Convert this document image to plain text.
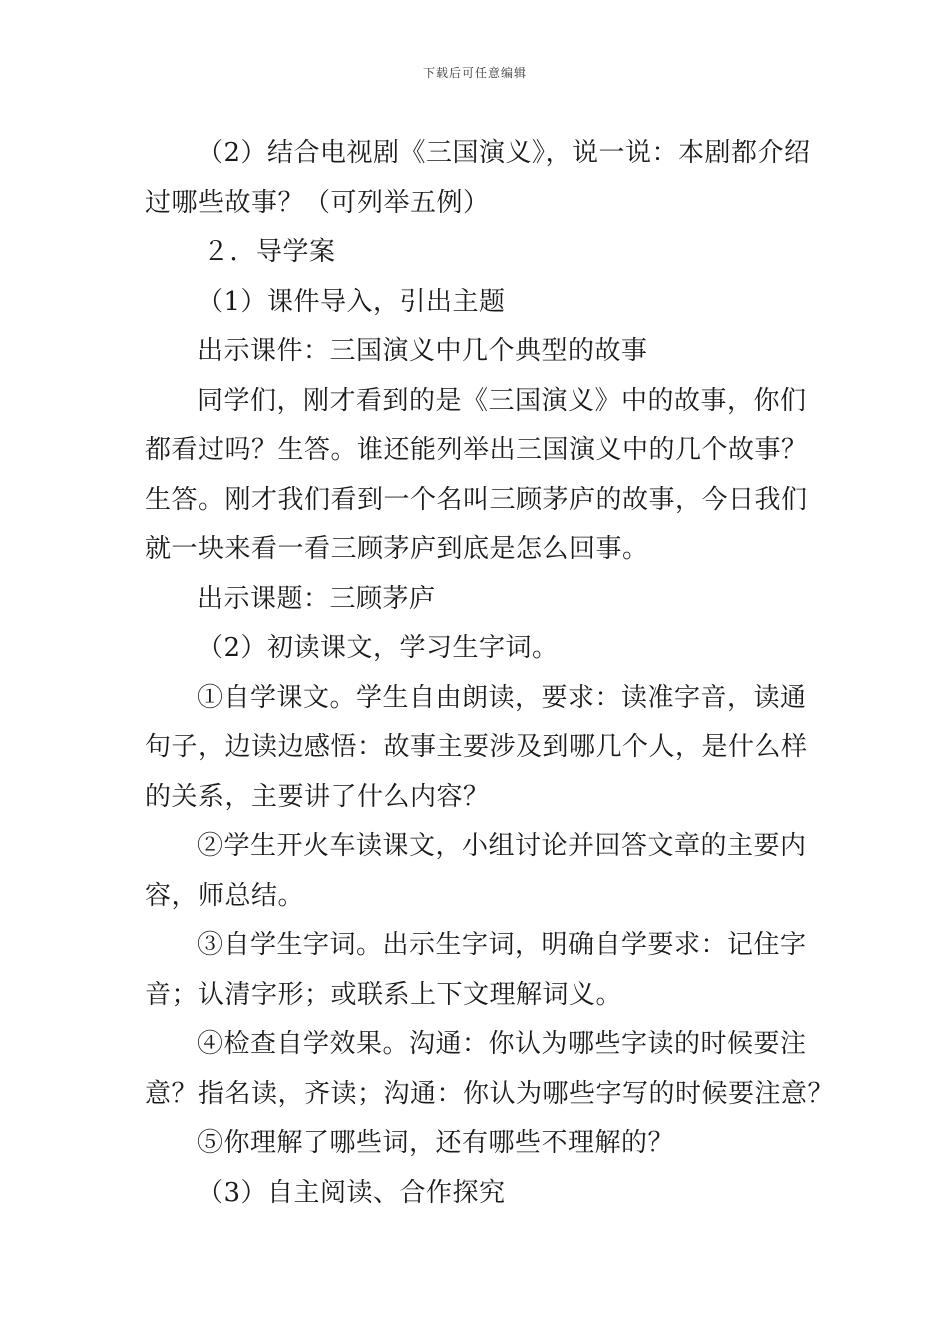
下载后可任意编辑
（2）结合电视剧《三国演义》，说一说：本剧都介绍
过哪些故事？（可列举五例）
２．导学案
（1）课件导入，引出主题
出示课件：三国演义中几个典型的故事
同学们，刚才看到的是《三国演义》中的故事，你们
都看过吗？生答。谁还能列举出三国演义中的几个故事？
生答。刚才我们看到一个名叫三顾茅庐的故事，今日我们
就一块来看一看三顾茅庐到底是怎么回事。
出示课题：三顾茅庐
（2）初读课文，学习生字词。
①自学课文。学生自由朗读，要求：读准字音，读通
句子，边读边感悟：故事主要涉及到哪几个人，是什么样
的关系，主要讲了什么内容？
②学生开火车读课文，小组讨论并回答文章的主要内
容，师总结。
③自学生字词。出示生字词，明确自学要求：记住字
音；认清字形；或联系上下文理解词义。
④检查自学效果。沟通：你认为哪些字读的时候要注
意？指名读，齐读；沟通：你认为哪些字写的时候要注意？
⑤你理解了哪些词，还有哪些不理解的？
（3）自主阅读、合作探究
